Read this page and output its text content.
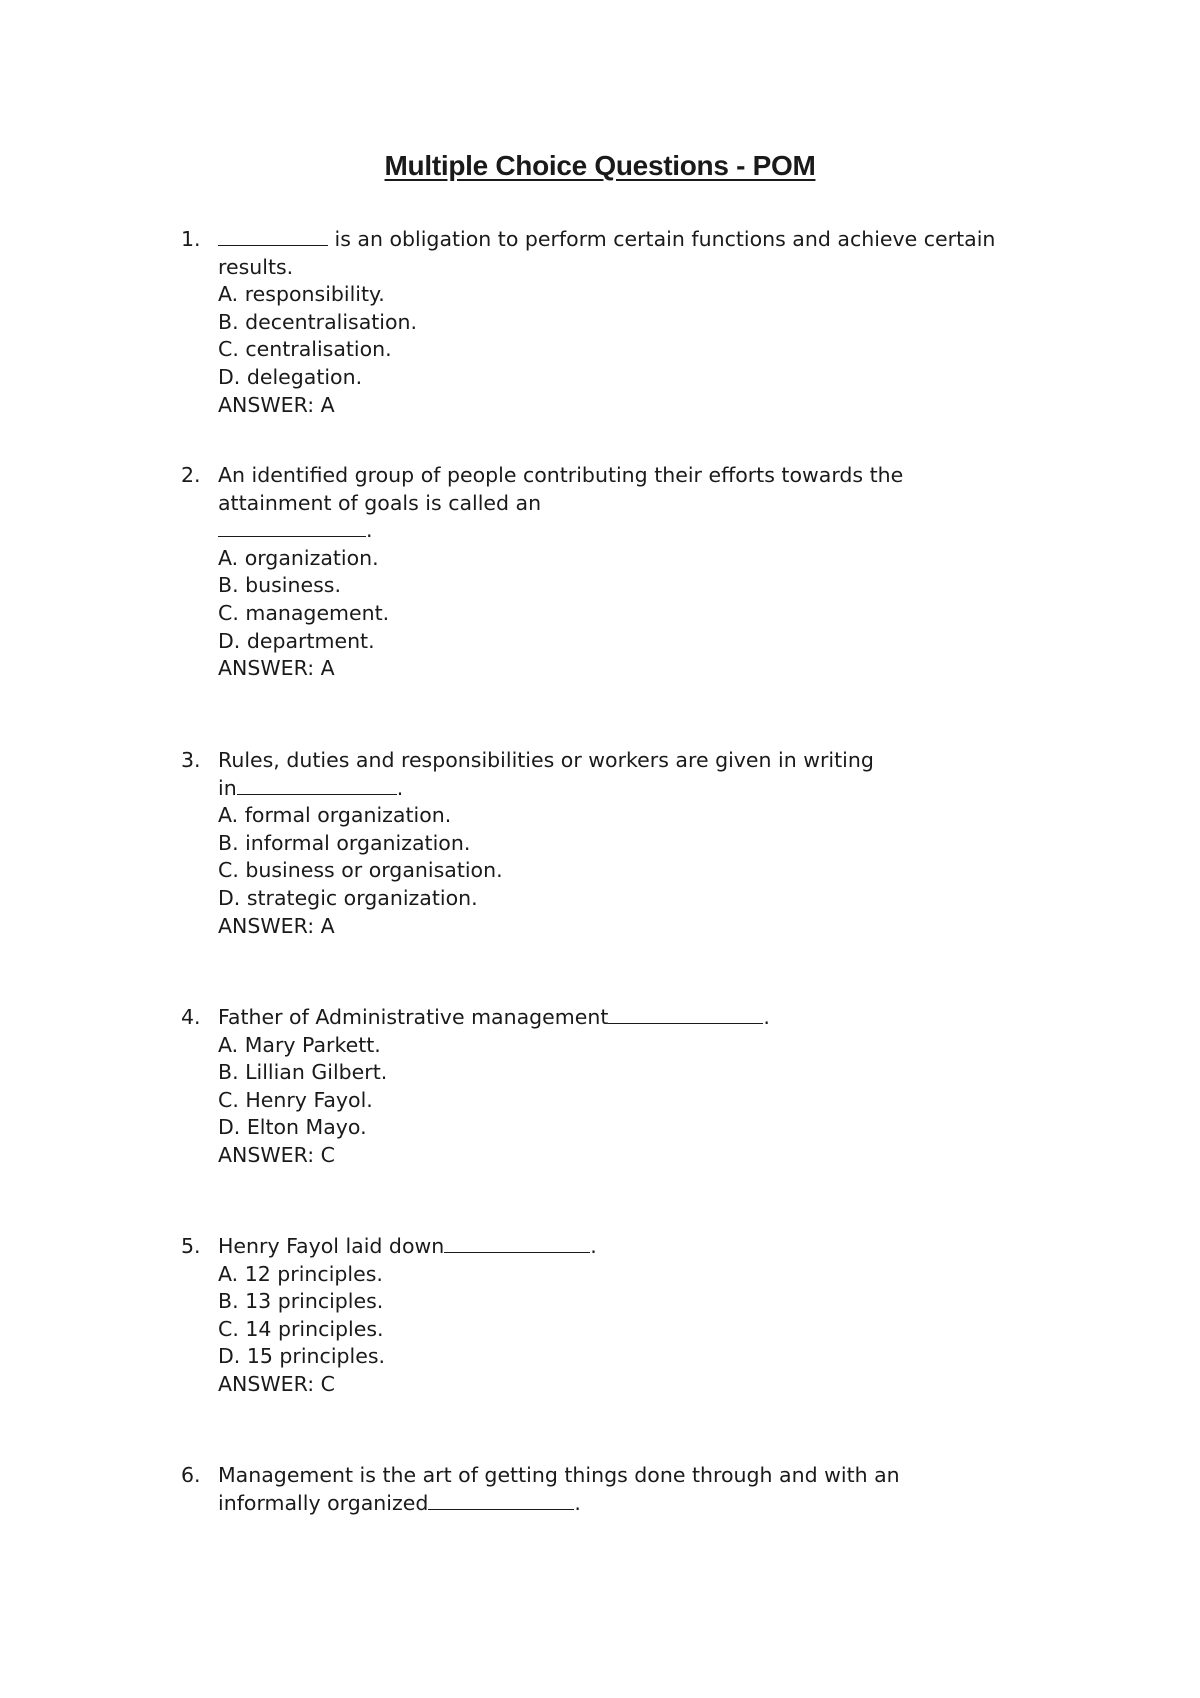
Multiple Choice Questions - POM
1.	is an obligation to perform certain functions and achieve certain
results.
A. responsibility.
B. decentralisation.
C. centralisation.
D. delegation.
ANSWER: A
2. An identified group of people contributing their efforts towards the
attainment of goals is called an
.
A. organization.
B. business.
C. management.
D. department.
ANSWER: A
3. Rules, duties and responsibilities or workers are given in writing
in	.
A. formal organization.
B. informal organization.
C. business or organisation.
D. strategic organization.
ANSWER: A
4. Father of Administrative management	.
A. Mary Parkett.
B. Lillian Gilbert.
C. Henry Fayol.
D. Elton Mayo.
ANSWER: C
5. Henry Fayol laid down	.
A. 12 principles.
B. 13 principles.
C. 14 principles.
D. 15 principles.
ANSWER: C
6. Management is the art of getting things done through and with an
informally organized	.
